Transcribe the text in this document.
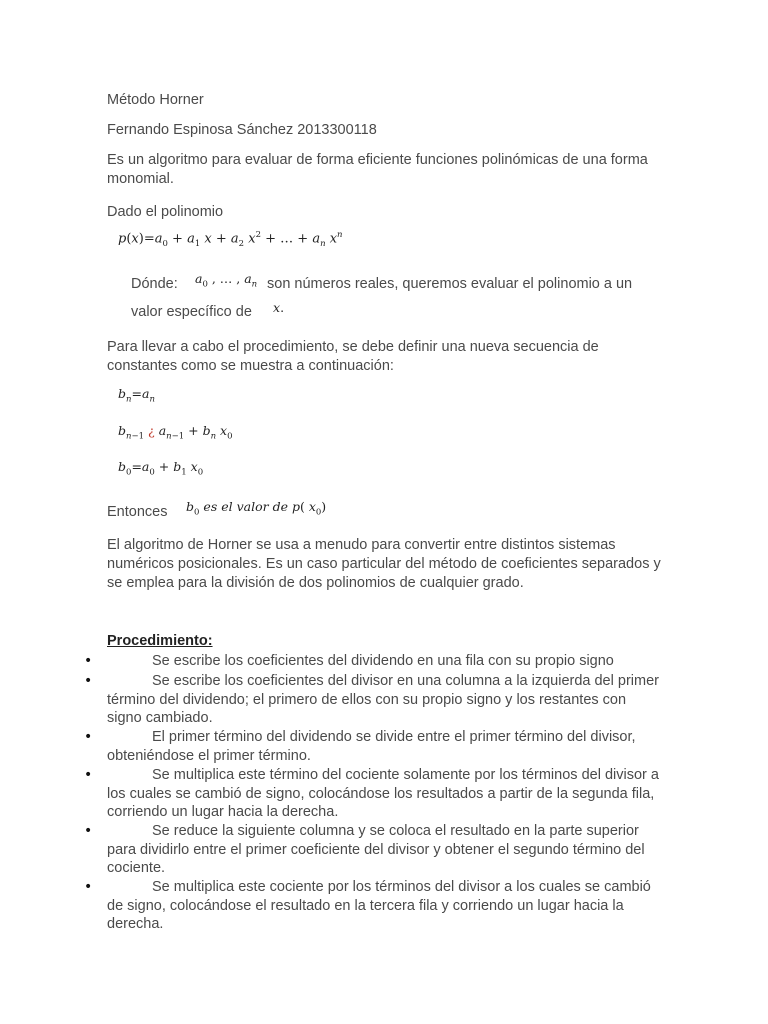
Método Horner
Fernando Espinosa Sánchez 2013300118
Es un algoritmo para evaluar de forma eficiente funciones polinómicas de una forma monomial.
Dado el polinomio
$p(x)=a_0 + a_1$ $x + a_2$ $x^2$ + … + $a_n$ $x^n$
Dónde: $a_0$ , … , $a_n$ son números reales, queremos evaluar el polinomio a un
valor específico de x.
Para llevar a cabo el procedimiento, se debe definir una nueva secuencia de constantes como se muestra a continuación:
$b_n=a_n$
$b_{n-1}$ ¿ $a_{n-1} + b_n$ $x_0$
$b_0=a_0 + b_1$ $x_0$
Entonces $b_0$ es el valor de p( $x_0$)
El algoritmo de Horner se usa a menudo para convertir entre distintos sistemas numéricos posicionales. Es un caso particular del método de coeficientes separados y se emplea para la división de dos polinomios de cualquier grado.
Procedimiento:
•	Se escribe los coeficientes del dividendo en una fila con su propio signo
•	Se escribe los coeficientes del divisor en una columna a la izquierda del primer término del dividendo; el primero de ellos con su propio signo y los restantes con signo cambiado.
•	El primer término del dividendo se divide entre el primer término del divisor, obteniéndose el primer término.
•	Se multiplica este término del cociente solamente por los términos del divisor a los cuales se cambió de signo, colocándose los resultados a partir de la segunda fila, corriendo un lugar hacia la derecha.
•	Se reduce la siguiente columna y se coloca el resultado en la parte superior para dividirlo entre el primer coeficiente del divisor y obtener el segundo término del cociente.
•	Se multiplica este cociente por los términos del divisor a los cuales se cambió de signo, colocándose el resultado en la tercera fila y corriendo un lugar hacia la derecha.
